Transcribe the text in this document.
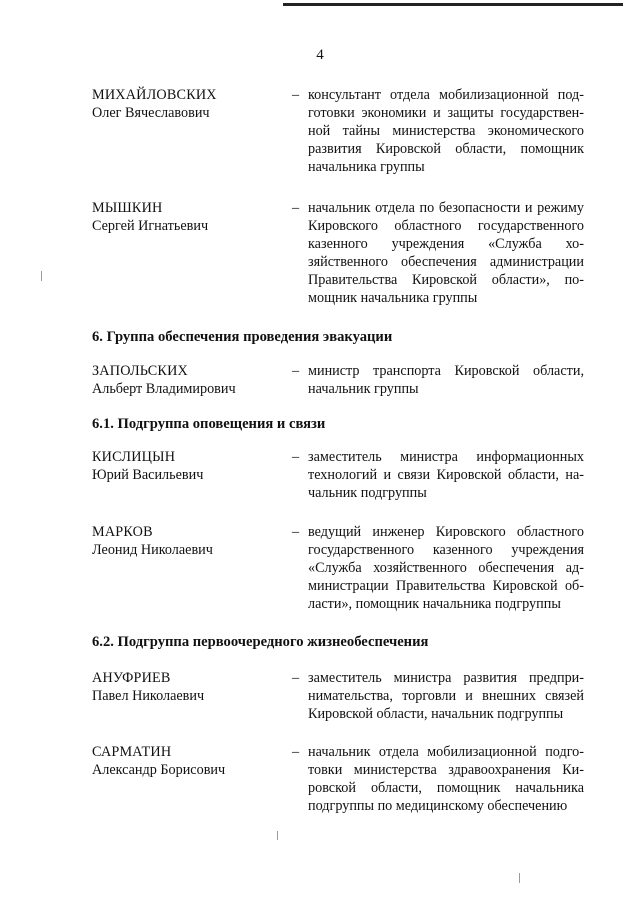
4
МИХАЙЛОВСКИХ
Олег Вячеславович
– консультант отдела мобилизационной подготовки экономики и защиты государственной тайны министерства экономического развития Кировской области, помощник начальника группы
МЫШКИН
Сергей Игнатьевич
– начальник отдела по безопасности и режиму Кировского областного государственного казенного учреждения «Служба хозяйственного обеспечения администрации Правительства Кировской области», помощник начальника группы
6. Группа обеспечения проведения эвакуации
ЗАПОЛЬСКИХ
Альберт Владимирович
– министр транспорта Кировской области, начальник группы
6.1. Подгруппа оповещения и связи
КИСЛИЦЫН
Юрий Васильевич
– заместитель министра информационных технологий и связи Кировской области, начальник подгруппы
МАРКОВ
Леонид Николаевич
– ведущий инженер Кировского областного государственного казенного учреждения «Служба хозяйственного обеспечения администрации Правительства Кировской области», помощник начальника подгруппы
6.2. Подгруппа первоочередного жизнеобеспечения
АНУФРИЕВ
Павел Николаевич
– заместитель министра развития предпринимательства, торговли и внешних связей Кировской области, начальник подгруппы
САРМАТИН
Александр Борисович
– начальник отдела мобилизационной подготовки министерства здравоохранения Кировской области, помощник начальника подгруппы по медицинскому обеспечению
